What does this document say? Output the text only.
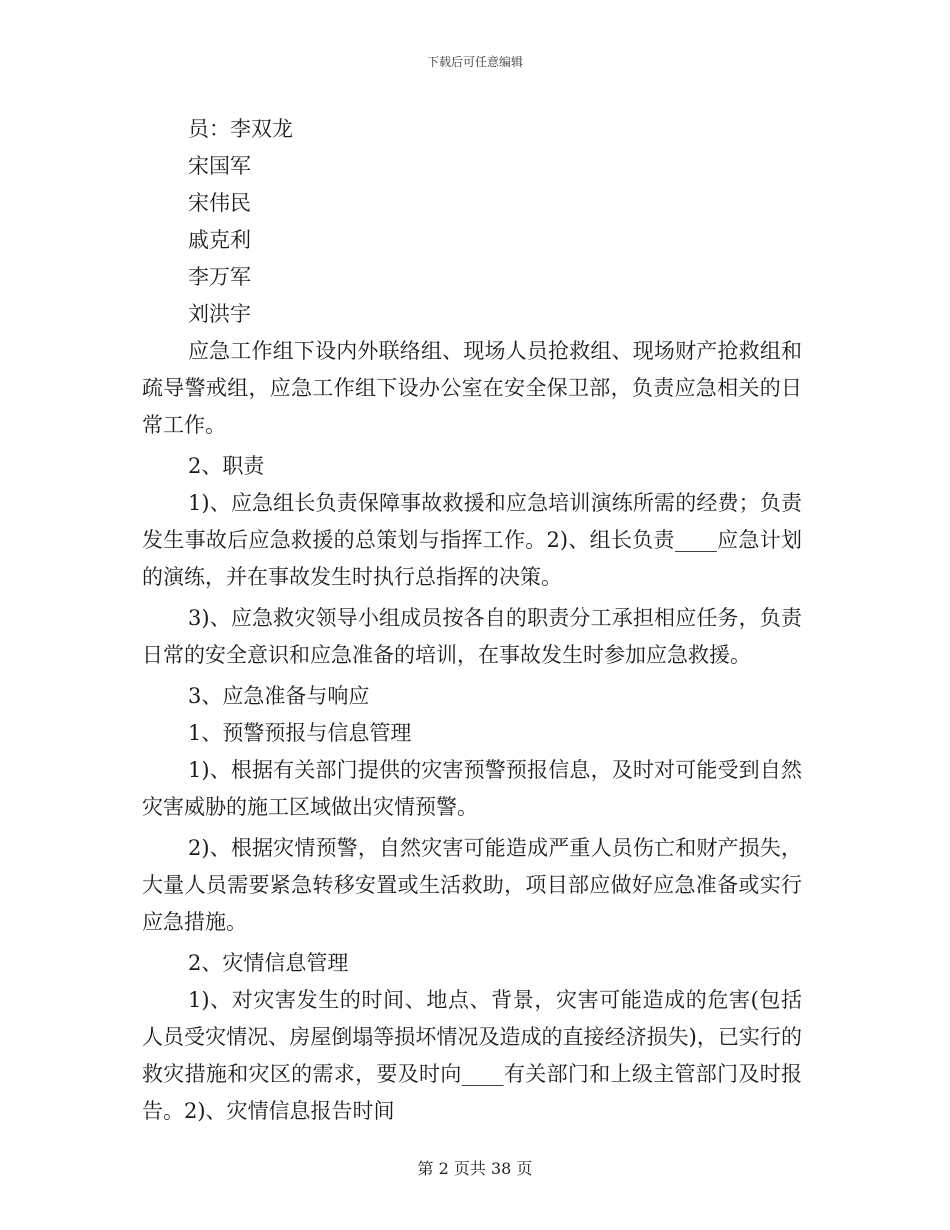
下载后可任意编辑
员：李双龙
宋国军
宋伟民
戚克利
李万军
刘洪宇

应急工作组下设内外联络组、现场人员抢救组、现场财产抢救组和疏导警戒组，应急工作组下设办公室在安全保卫部，负责应急相关的日常工作。

2、职责

1)、应急组长负责保障事故救援和应急培训演练所需的经费；负责发生事故后应急救援的总策划与指挥工作。2)、组长负责____应急计划的演练，并在事故发生时执行总指挥的决策。

3)、应急救灾领导小组成员按各自的职责分工承担相应任务，负责日常的安全意识和应急准备的培训，在事故发生时参加应急救援。

3、应急准备与响应
1、预警预报与信息管理

1)、根据有关部门提供的灾害预警预报信息，及时对可能受到自然灾害威胁的施工区域做出灾情预警。

2)、根据灾情预警，自然灾害可能造成严重人员伤亡和财产损失，大量人员需要紧急转移安置或生活救助，项目部应做好应急准备或实行应急措施。

2、灾情信息管理

1)、对灾害发生的时间、地点、背景，灾害可能造成的危害(包括人员受灾情况、房屋倒塌等损坏情况及造成的直接经济损失)，已实行的救灾措施和灾区的需求，要及时向____有关部门和上级主管部门及时报告。2)、灾情信息报告时间

第 2 页共 38 页
